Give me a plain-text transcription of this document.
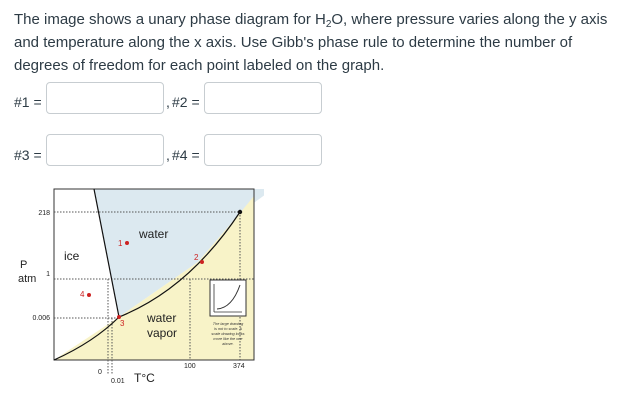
The image shows a unary phase diagram for $H_2O$, where pressure varies along the y axis and temperature along the x axis. Use Gibb's phase rule to determine the number of degrees of freedom for each point labeled on the graph.
#1 =	, #2 =
#3 =	, #4 =
1
2
3
4
ice
water
water
vapor
P
atm
218
1
0.006
0
0.01
100	374
T°C
The large drawing
is not to scale. A
scale drawing looks
more like the one
above.
